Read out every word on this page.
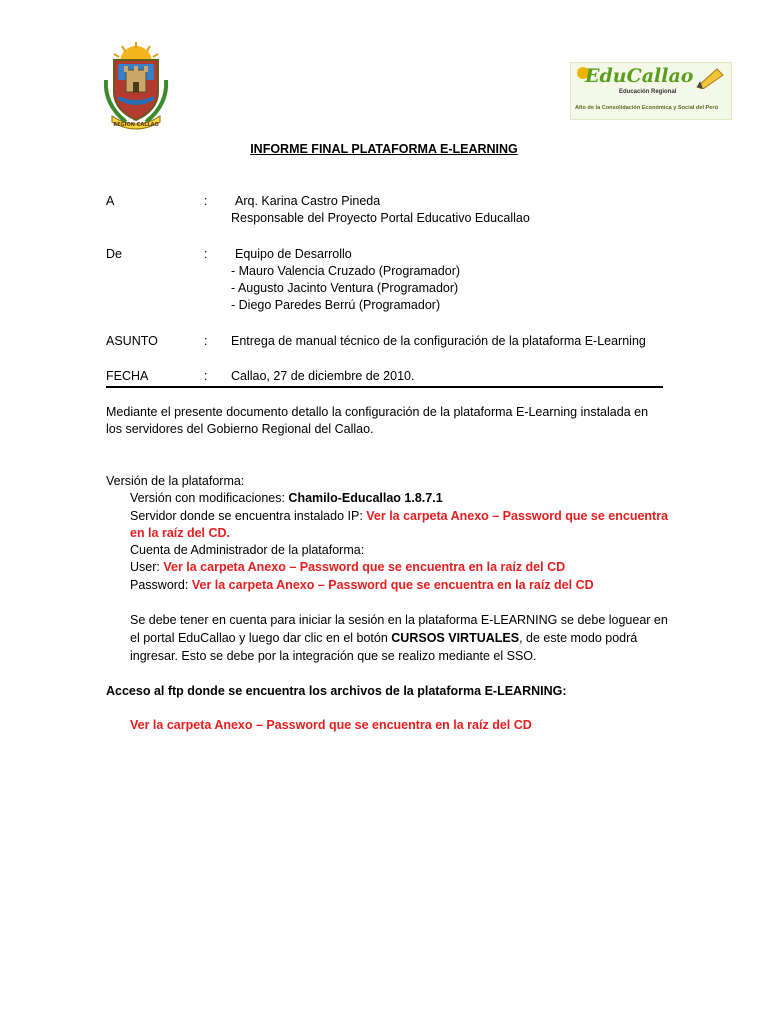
REGION CALLAO
EduCallao
Educación Regional
Año de la Consolidación Económica y Social del Perú
INFORME FINAL PLATAFORMA E-LEARNING
A	: Arq. Karina Castro Pineda
Responsable del Proyecto Portal Educativo Educallao
De	: Equipo de Desarrollo
- Mauro Valencia Cruzado (Programador)
- Augusto Jacinto Ventura (Programador)
- Diego Paredes Berrú (Programador)
ASUNTO	: Entrega de manual técnico de la configuración de la plataforma E-Learning
FECHA	: Callao, 27 de diciembre de 2010.
Mediante el presente documento detallo la configuración de la plataforma E-Learning instalada en
los servidores del Gobierno Regional del Callao.
Versión de la plataforma:
Versión con modificaciones: Chamilo-Educallao 1.8.7.1
Servidor donde se encuentra instalado IP: Ver la carpeta Anexo – Password que se encuentra
en la raíz del CD.
Cuenta de Administrador de la plataforma:
User: Ver la carpeta Anexo – Password que se encuentra en la raíz del CD
Password: Ver la carpeta Anexo – Password que se encuentra en la raíz del CD
Se debe tener en cuenta para iniciar la sesión en la plataforma E-LEARNING se debe loguear en
el portal EduCallao y luego dar clic en el botón CURSOS VIRTUALES, de este modo podrá
ingresar. Esto se debe por la integración que se realizo mediante el SSO.
Acceso al ftp donde se encuentra los archivos de la plataforma E-LEARNING:
Ver la carpeta Anexo – Password que se encuentra en la raíz del CD
